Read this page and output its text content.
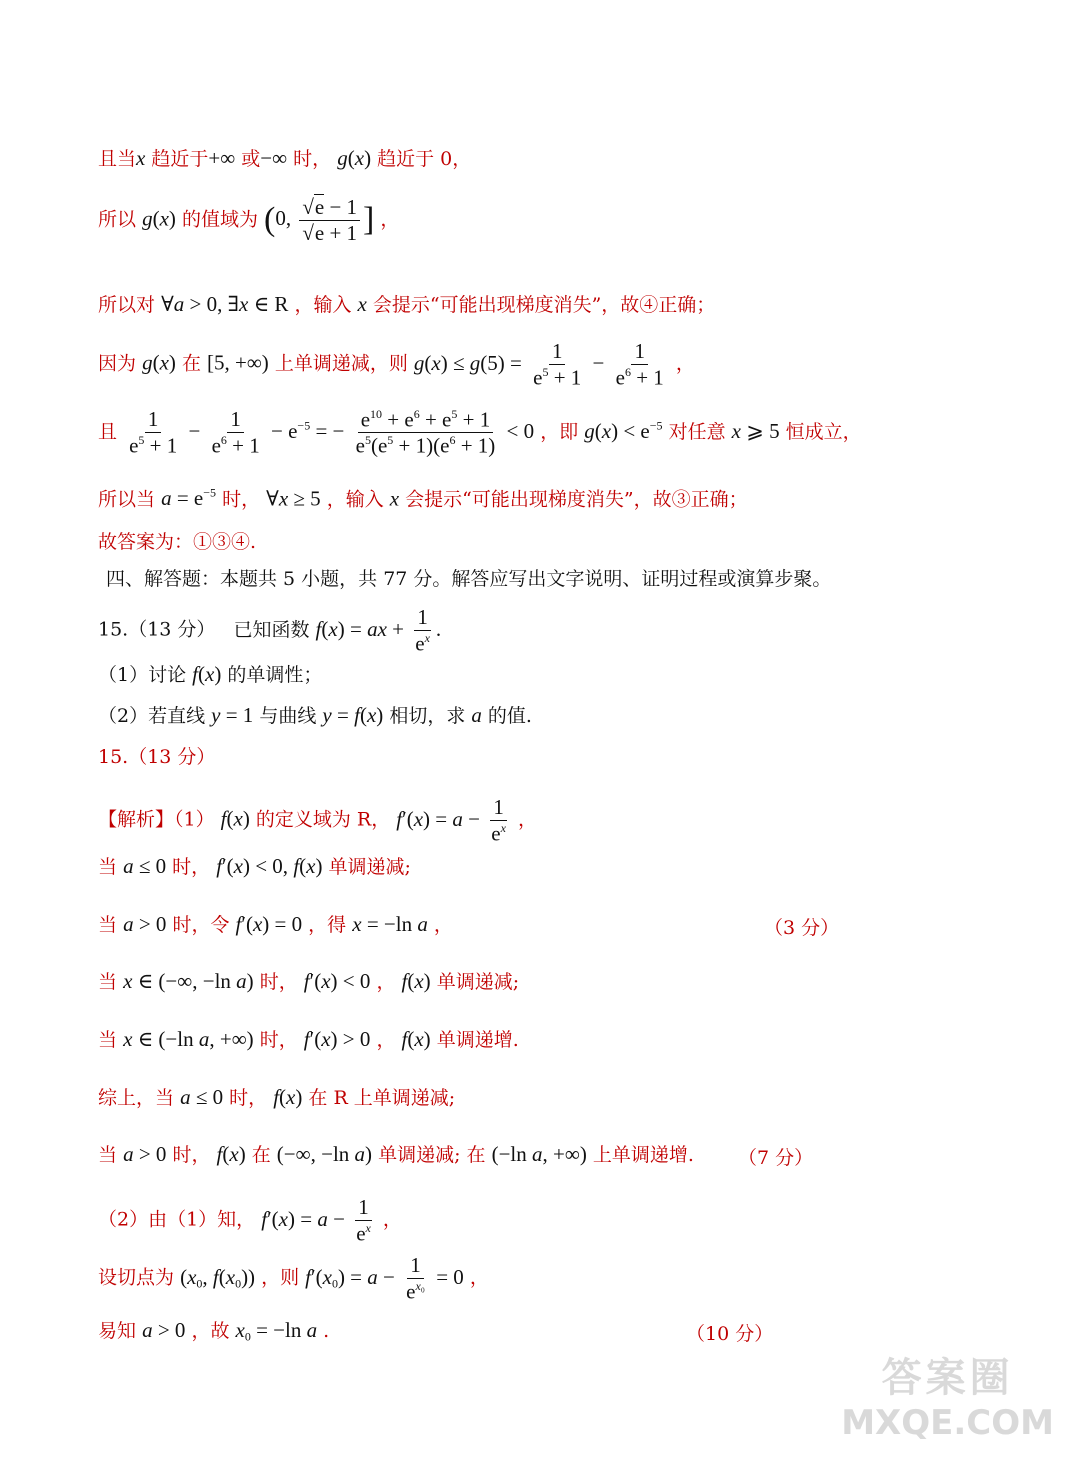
且当x 趋近于+∞ 或−∞ 时， g(x) 趋近于 0，
所以 g(x) 的值域为 (0, $\frac{√e - 1}{√e + 1}$ ] ，
所以对 ∀a > 0, ∃x ∈ R ，输入 x 会提示“可能出现梯度消失”，故④正确；
因为 g(x) 在 [5, +∞) 上单调递减，则 $g(x) \le g(5) = \frac{1}{e^5 + 1} - \frac{1}{e^6 + 1}$ ，
且 $\frac{1}{e^5 + 1} - \frac{1}{e^6 + 1} - e^{-5}$ = − $\frac{e^{10} + e^6 + e^5 + 1}{e^5(e^5 + 1)(e^6 + 1)} < 0$ ，即 $g(x) < e^{-5}$ 对任意 x ⩾ 5 恒成立，
所以当 $a = e^{-5}$ 时， ∀x ≥ 5 ，输入 x 会提示“可能出现梯度消失”，故③正确；
故答案为：①③④.
四、解答题：本题共 5 小题，共 77 分。解答应写出文字说明、证明过程或演算步聚。
15.（13 分） 已知函数 f(x) = ax + $\frac{1}{e^x}$ .
（1）讨论 f(x) 的单调性；
（2）若直线 y = 1 与曲线 y = f(x) 相切，求 a 的值.
15.（13 分）
【解析】（1） f(x) 的定义域为 R， $f'(x) = a - \frac{1}{e^x}$ ，
当 a ≤ 0 时， f′(x) < 0, f(x) 单调递减;
当 a > 0 时，令 f′(x) = 0 ，得 x = −ln a ，	（3 分）
当 x ∈ (−∞, −ln a) 时， f′(x) < 0 ， f(x) 单调递减;
当 x ∈ (−ln a, +∞) 时， f′(x) > 0 ， f(x) 单调递增.
综上，当 a ≤ 0 时， f(x) 在 R 上单调递减;
当 a > 0 时， f(x) 在 (−∞, −ln a) 单调递减; 在 (−ln a, +∞) 上单调递增. （7 分）
（2）由（1）知， $f'(x) = a - \frac{1}{e^x}$ ，
设切点为 ($x_0$, $f(x_0)$) ，则 $f'(x_0) = a - \frac{1}{e^{x_0}} = 0$ ，
易知 a > 0 ，故 $x_0 = -\ln$ a .	（10 分）
答案圈
MXQE.COM
